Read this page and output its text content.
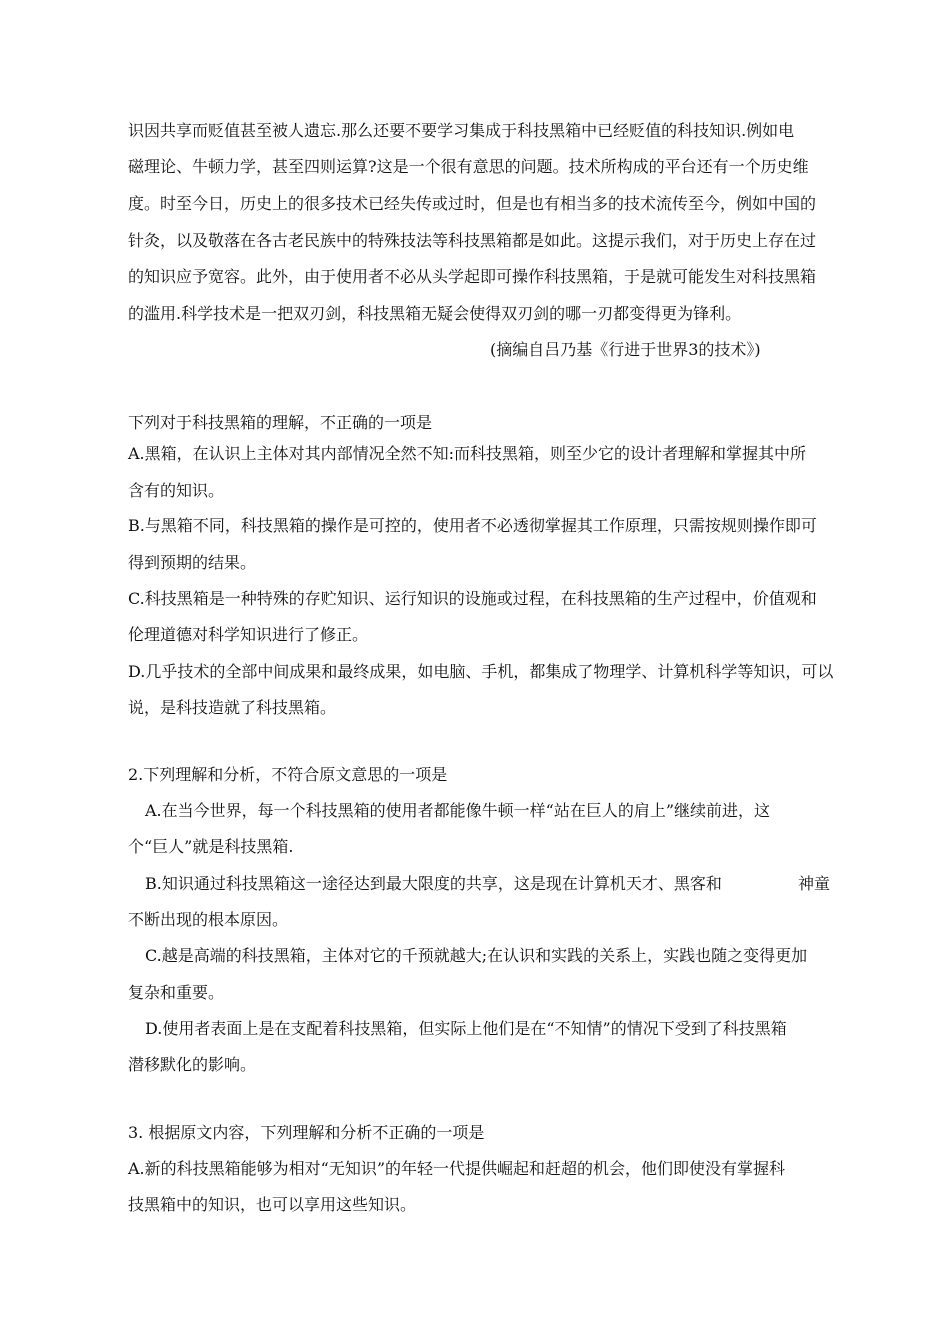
识因共享而贬值甚至被人遗忘.那么还要不要学习集成于科技黑箱中已经贬值的科技知识.例如电
磁理论、牛顿力学，甚至四则运算?这是一个很有意思的问题。技术所构成的平台还有一个历史维
度。时至今日，历史上的很多技术已经失传或过时，但是也有相当多的技术流传至今，例如中国的
针灸，以及敬落在各古老民族中的特殊技法等科技黑箱都是如此。这提示我们，对于历史上存在过
的知识应予宽容。此外，由于使用者不必从头学起即可操作科技黑箱，于是就可能发生对科技黑箱
的滥用.科学技术是一把双刃剑，科技黑箱无疑会使得双刃剑的哪一刃都变得更为锋利。
(摘编自吕乃基《行进于世界3的技术》)
下列对于科技黑箱的理解，不正确的一项是
A.黑箱，在认识上主体对其内部情况全然不知:而科技黑箱，则至少它的设计者理解和掌握其中所
含有的知识。
B.与黑箱不同，科技黑箱的操作是可控的，使用者不必透彻掌握其工作原理，只需按规则操作即可
得到预期的结果。
C.科技黑箱是一种特殊的存贮知识、运行知识的设施或过程，在科技黑箱的生产过程中，价值观和
伦理道德对科学知识进行了修正。
D.几乎技术的全部中间成果和最终成果，如电脑、手机，都集成了物理学、计算机科学等知识，可以
说，是科技造就了科技黑箱。
2.下列理解和分析，不符合原文意思的一项是
A.在当今世界，每一个科技黑箱的使用者都能像牛顿一样“站在巨人的肩上”继续前进，这
个“巨人”就是科技黑箱.
B.知识通过科技黑箱这一途径达到最大限度的共享，这是现在计算机天才、黑客和	神童
不断出现的根本原因。
C.越是高端的科技黑箱，主体对它的千预就越大;在认识和实践的关系上，实践也随之变得更加
复杂和重要。
D.使用者表面上是在支配着科技黑箱，但实际上他们是在“不知情”的情况下受到了科技黑箱
潜移默化的影响。
3. 根据原文内容，下列理解和分析不正确的一项是
A.新的科技黑箱能够为相对“无知识”的年轻一代提供崛起和赶超的机会，他们即使没有掌握科
技黑箱中的知识，也可以享用这些知识。
